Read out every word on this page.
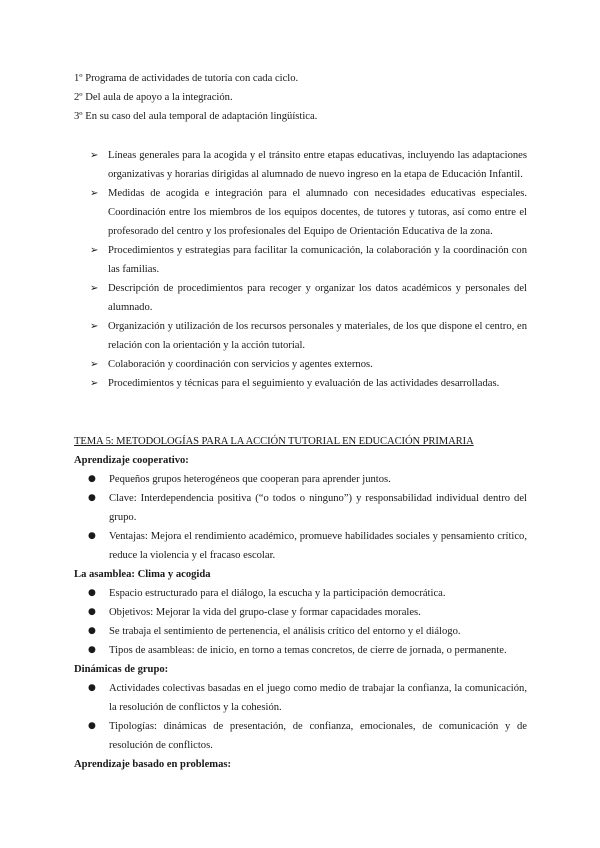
1º Programa de actividades de tutoría con cada ciclo.
2º Del aula de apoyo a la integración.
3º En su caso del aula temporal de adaptación lingüística.
➢ Líneas generales para la acogida y el tránsito entre etapas educativas, incluyendo las adaptaciones organizativas y horarias dirigidas al alumnado de nuevo ingreso en la etapa de Educación Infantil.
➢ Medidas de acogida e integración para el alumnado con necesidades educativas especiales. Coordinación entre los miembros de los equipos docentes, de tutores y tutoras, así como entre el profesorado del centro y los profesionales del Equipo de Orientación Educativa de la zona.
➢ Procedimientos y estrategias para facilitar la comunicación, la colaboración y la coordinación con las familias.
➢ Descripción de procedimientos para recoger y organizar los datos académicos y personales del alumnado.
➢ Organización y utilización de los recursos personales y materiales, de los que dispone el centro, en relación con la orientación y la acción tutorial.
➢ Colaboración y coordinación con servicios y agentes externos.
➢ Procedimientos y técnicas para el seguimiento y evaluación de las actividades desarrolladas.
TEMA 5: METODOLOGÍAS PARA LA ACCIÓN TUTORIAL EN EDUCACIÓN PRIMARIA
Aprendizaje cooperativo:
● Pequeños grupos heterogéneos que cooperan para aprender juntos.
● Clave: Interdependencia positiva (“o todos o ninguno”) y responsabilidad individual dentro del grupo.
● Ventajas: Mejora el rendimiento académico, promueve habilidades sociales y pensamiento crítico, reduce la violencia y el fracaso escolar.
La asamblea: Clima y acogida
● Espacio estructurado para el diálogo, la escucha y la participación democrática.
● Objetivos: Mejorar la vida del grupo-clase y formar capacidades morales.
● Se trabaja el sentimiento de pertenencia, el análisis crítico del entorno y el diálogo.
● Tipos de asambleas: de inicio, en torno a temas concretos, de cierre de jornada, o permanente.
Dinámicas de grupo:
● Actividades colectivas basadas en el juego como medio de trabajar la confianza, la comunicación, la resolución de conflictos y la cohesión.
● Tipologías: dinámicas de presentación, de confianza, emocionales, de comunicación y de resolución de conflictos.
Aprendizaje basado en problemas:
